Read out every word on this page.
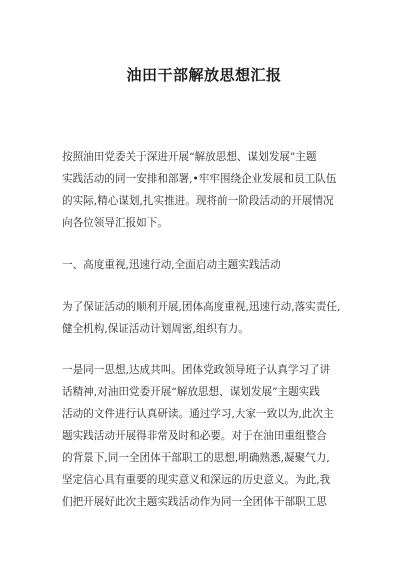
油田干部解放思想汇报
按照油田党委关于深进开展“解放思想、谋划发展”主题
实践活动的同一安排和部署,•牢牢围绕企业发展和员工队伍
的实际,精心谋划,扎实推进。现将前一阶段活动的开展情况
向各位领导汇报如下。
一、高度重视,迅速行动,全面启动主题实践活动
为了保证活动的顺利开展,团体高度重视,迅速行动,落实责任,
健全机构,保证活动计划周密,组织有力。
一是同一思想,达成共叫。团体党政领导班子认真学习了讲
话精神,对油田党委开展“解放思想、谋划发展”主题实践
活动的文件进行认真研读。通过学习,大家一致以为,此次主
题实践活动开展得非常及时和必要。对于在油田重组整合
的背景下,同一全团体干部职工的思想,明确熟悉,凝聚气力,
坚定信心具有重要的现实意义和深远的历史意义。为此,我
们把开展好此次主题实践活动作为同一全团体干部职工思
